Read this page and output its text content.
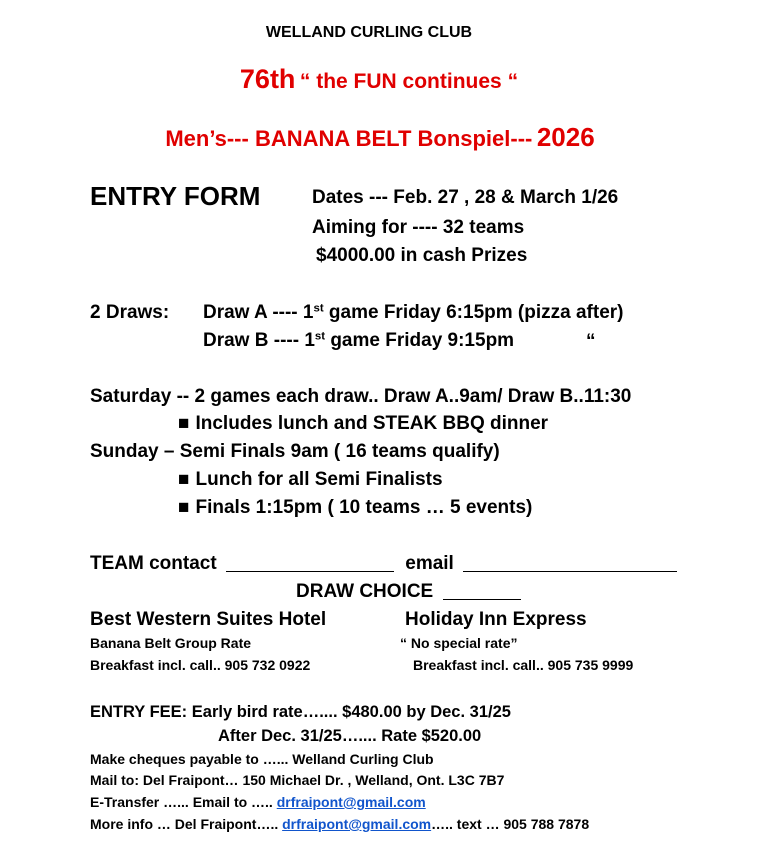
WELLAND CURLING CLUB
76th “ the FUN continues “
Men’s--- BANANA BELT Bonspiel--- 2026
ENTRY FORM	Dates --- Feb. 27 , 28 & March 1/26
Aiming for ---- 32 teams
$4000.00 in cash Prizes
2 Draws: Draw A ---- 1st game Friday 6:15pm (pizza after)
Draw B ---- 1st game Friday 9:15pm	“
Saturday -- 2 games each draw.. Draw A..9am/ Draw B..11:30
■ Includes lunch and STEAK BBQ dinner
Sunday – Semi Finals 9am ( 16 teams qualify)
■ Lunch for all Semi Finalists
■ Finals 1:15pm ( 10 teams … 5 events)
TEAM contact	email
DRAW CHOICE
Best Western Suites Hotel	Holiday Inn Express
Banana Belt Group Rate	“ No special rate”
Breakfast incl. call.. 905 732 0922	Breakfast incl. call.. 905 735 9999
ENTRY FEE: Early bird rate….... $480.00 by Dec. 31/25
After Dec. 31/25….... Rate $520.00
Make cheques payable to …... Welland Curling Club
Mail to: Del Fraipont… 150 Michael Dr. , Welland, Ont. L3C 7B7
E-Transfer …... Email to ….. drfraipont@gmail.com
More info … Del Fraipont….. drfraipont@gmail.com….. text … 905 788 7878
